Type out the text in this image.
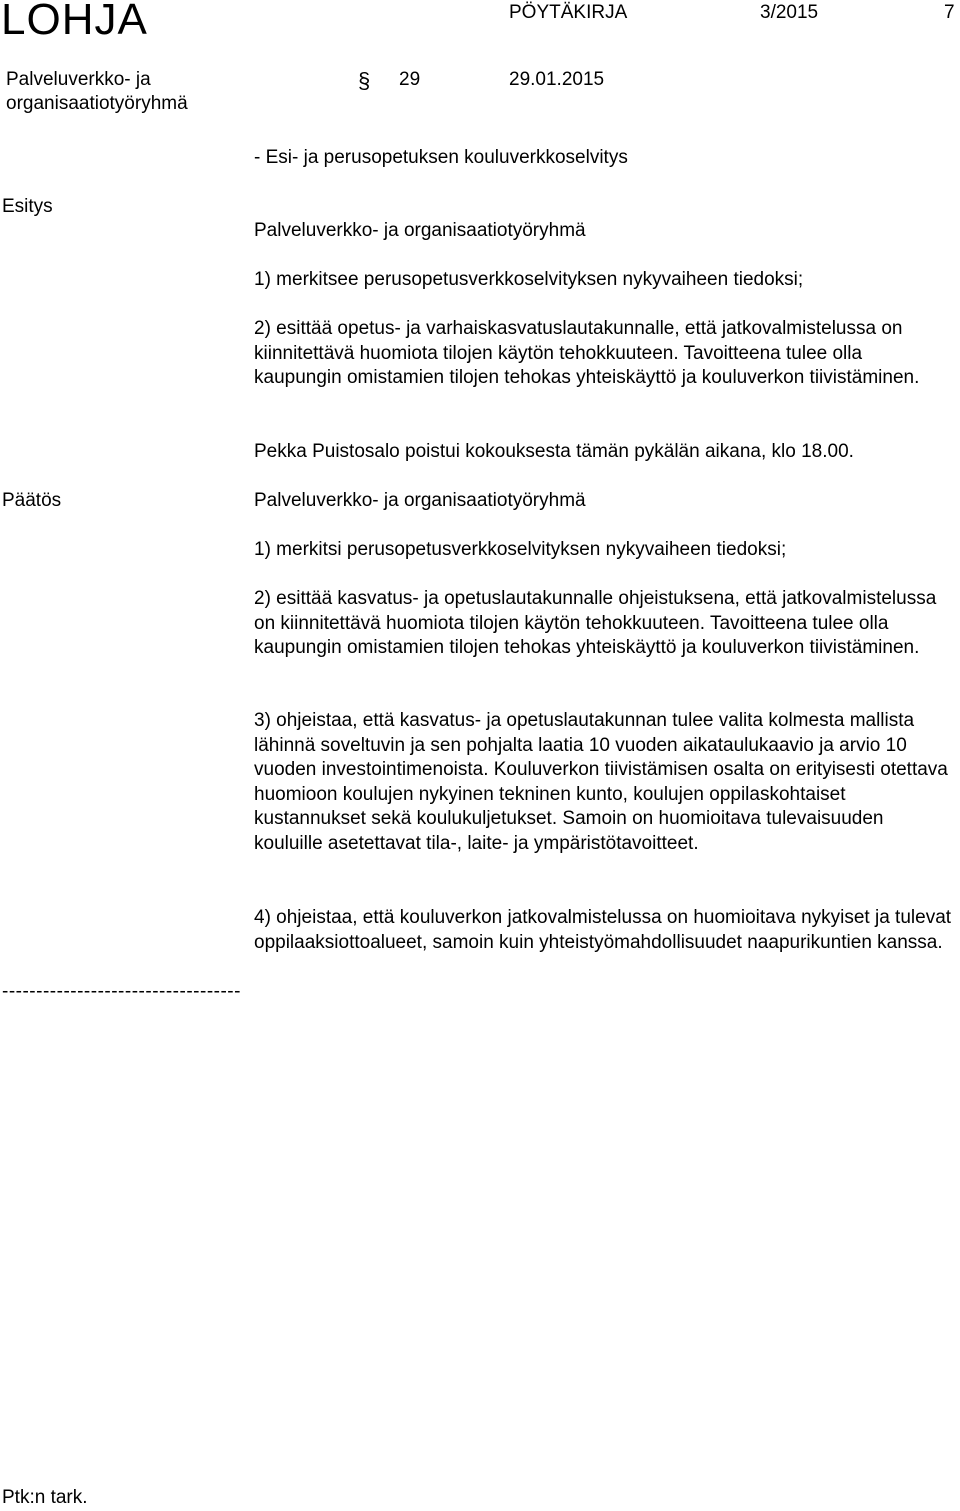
LOHJA	PÖYTÄKIRJA	3/2015	7
Palveluverkko- ja
organisaatiotyöryhmä
§ 29	29.01.2015
- Esi- ja perusopetuksen kouluverkkoselvitys
Esitys
Palveluverkko- ja organisaatiotyöryhmä

1) merkitsee perusopetusverkkoselvityksen nykyvaiheen tiedoksi;

2) esittää opetus- ja varhaiskasvatuslautakunnalle, että jatkovalmistelussa on kiinnitettävä huomiota tilojen käytön tehokkuuteen. Tavoitteena tulee olla kaupungin omistamien tilojen tehokas yhteiskäyttö ja kouluverkon tiivistäminen.

Pekka Puistosalo poistui kokouksesta tämän pykälän aikana, klo 18.00.
Päätös	Palveluverkko- ja organisaatiotyöryhmä

1) merkitsi perusopetusverkkoselvityksen nykyvaiheen tiedoksi;

2) esittää kasvatus- ja opetuslautakunnalle ohjeistuksena, että jatkovalmistelussa on kiinnitettävä huomiota tilojen käytön tehokkuuteen. Tavoitteena tulee olla kaupungin omistamien tilojen tehokas yhteiskäyttö ja kouluverkon tiivistäminen.

3) ohjeistaa, että kasvatus- ja opetuslautakunnan tulee valita kolmesta mallista lähinnä soveltuvin ja sen pohjalta laatia 10 vuoden aikataulukaavio ja arvio 10 vuoden investointimenoista. Kouluverkon tiivistämisen osalta on erityisesti otettava huomioon koulujen nykyinen tekninen kunto, koulujen oppilaskohtaiset kustannukset sekä koulukuljetukset. Samoin on huomioitava tulevaisuuden kouluille asetettavat tila-, laite- ja ympäristötavoitteet.

4) ohjeistaa, että kouluverkon jatkovalmistelussa on huomioitava nykyiset ja tulevat oppilaaksiottoalueet, samoin kuin yhteistyömahdollisuudet naapurikuntien kanssa.

-----------------------------------
Ptk:n tark.
